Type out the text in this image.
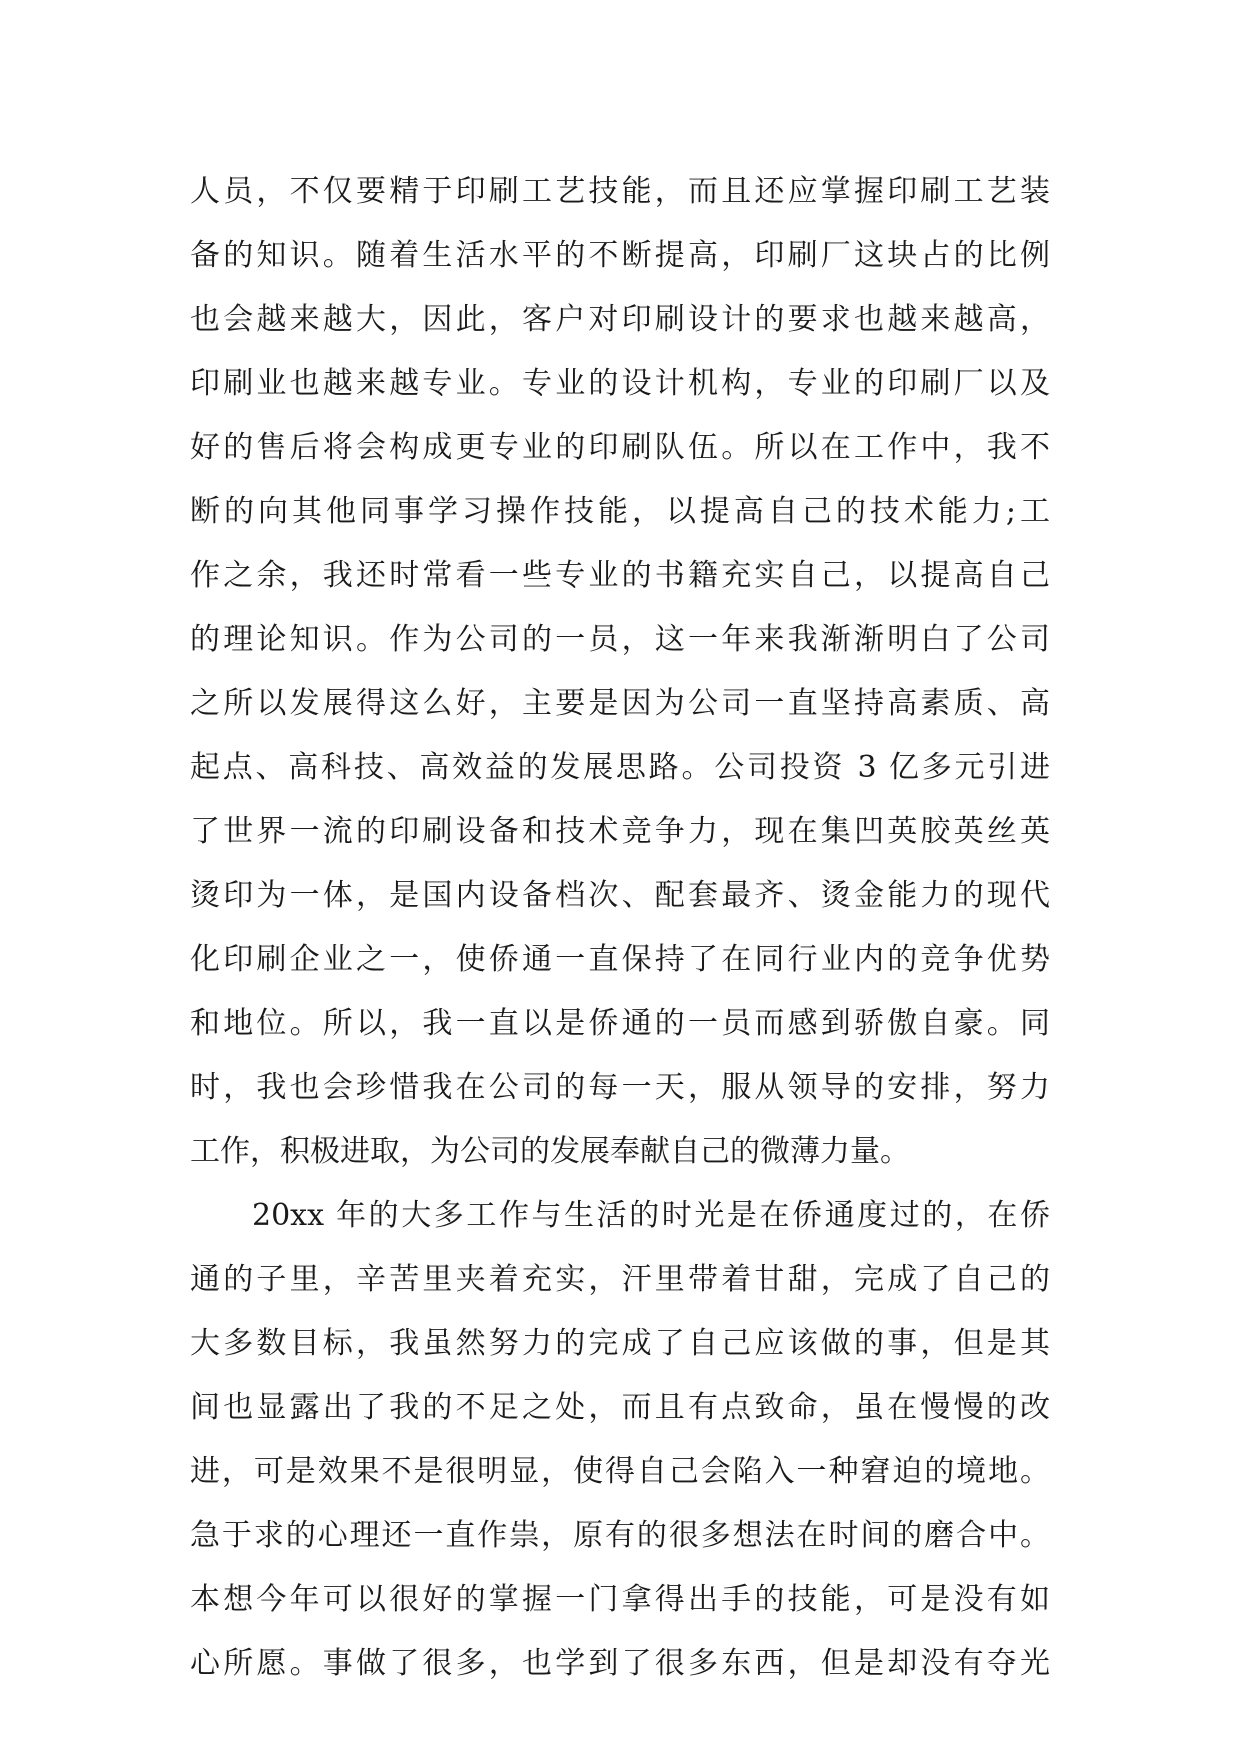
人员，不仅要精于印刷工艺技能，而且还应掌握印刷工艺装
备的知识。随着生活水平的不断提高，印刷厂这块占的比例
也会越来越大，因此，客户对印刷设计的要求也越来越高，
印刷业也越来越专业。专业的设计机构，专业的印刷厂以及
好的售后将会构成更专业的印刷队伍。所以在工作中，我不
断的向其他同事学习操作技能，以提高自己的技术能力;工
作之余，我还时常看一些专业的书籍充实自己，以提高自己
的理论知识。作为公司的一员，这一年来我渐渐明白了公司
之所以发展得这么好，主要是因为公司一直坚持高素质、高
起点、高科技、高效益的发展思路。公司投资 3 亿多元引进
了世界一流的印刷设备和技术竞争力，现在集凹英胶英丝英
烫印为一体，是国内设备档次、配套最齐、烫金能力的现代
化印刷企业之一，使侨通一直保持了在同行业内的竞争优势
和地位。所以，我一直以是侨通的一员而感到骄傲自豪。同
时，我也会珍惜我在公司的每一天，服从领导的安排，努力
工作，积极进取，为公司的发展奉献自己的微薄力量。
20xx 年的大多工作与生活的时光是在侨通度过的，在侨
通的子里，辛苦里夹着充实，汗里带着甘甜，完成了自己的
大多数目标，我虽然努力的完成了自己应该做的事，但是其
间也显露出了我的不足之处，而且有点致命，虽在慢慢的改
进，可是效果不是很明显，使得自己会陷入一种窘迫的境地。
急于求的心理还一直作祟，原有的很多想法在时间的磨合中。
本想今年可以很好的掌握一门拿得出手的技能，可是没有如
心所愿。事做了很多，也学到了很多东西，但是却没有夺光
